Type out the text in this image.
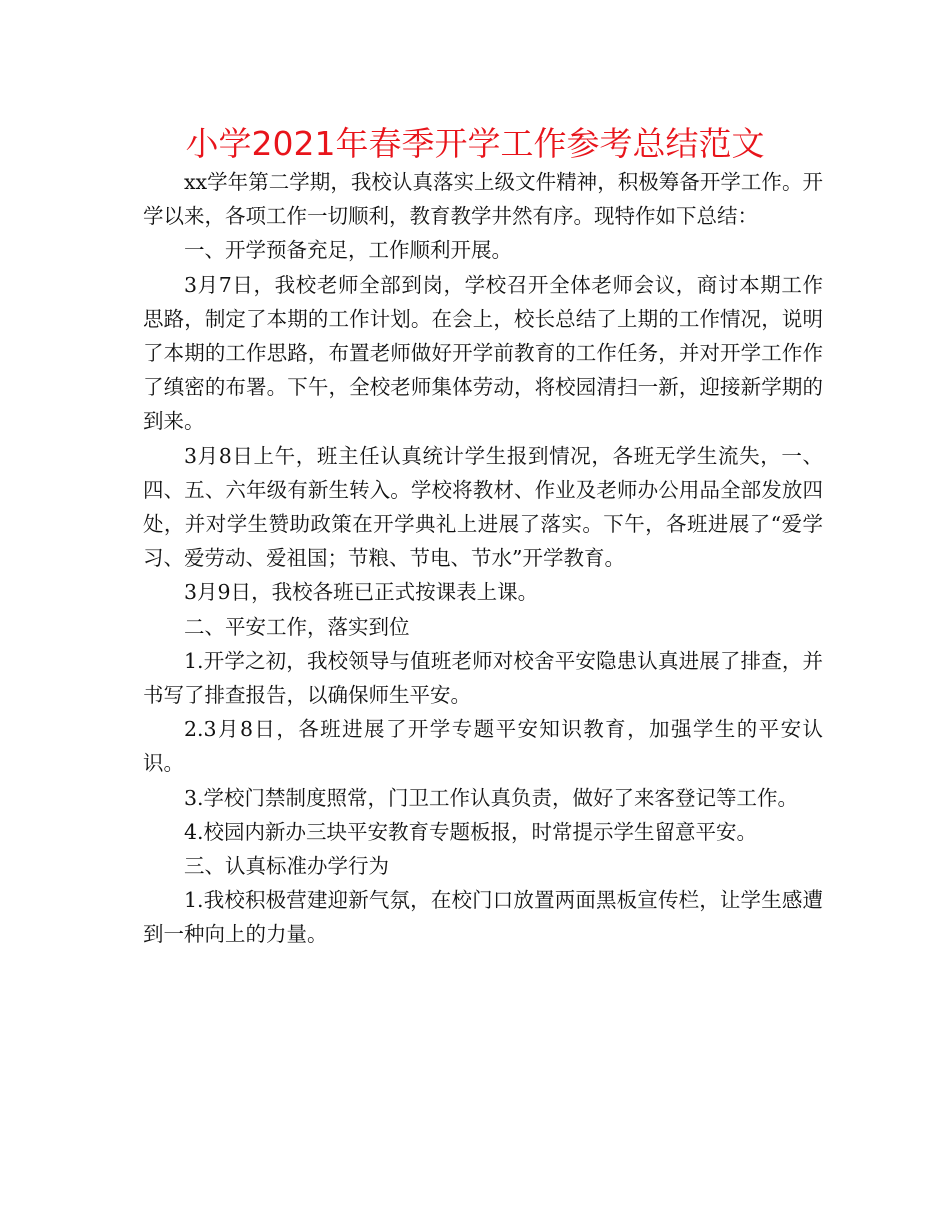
小学2021年春季开学工作参考总结范文

xx学年第二学期，我校认真落实上级文件精神，积极筹备开学工作。开学以来，各项工作一切顺利，教育教学井然有序。现特作如下总结：

一、开学预备充足，工作顺利开展。

3月7日，我校老师全部到岗，学校召开全体老师会议，商讨本期工作思路，制定了本期的工作计划。在会上，校长总结了上期的工作情况，说明了本期的工作思路，布置老师做好开学前教育的工作任务，并对开学工作作了缜密的布署。下午，全校老师集体劳动，将校园清扫一新，迎接新学期的到来。

3月8日上午，班主任认真统计学生报到情况，各班无学生流失，一、四、五、六年级有新生转入。学校将教材、作业及老师办公用品全部发放四处，并对学生赞助政策在开学典礼上进展了落实。下午，各班进展了“爱学习、爱劳动、爱祖国；节粮、节电、节水”开学教育。

3月9日，我校各班已正式按课表上课。

二、平安工作，落实到位

1.开学之初，我校领导与值班老师对校舍平安隐患认真进展了排查，并书写了排查报告，以确保师生平安。

2.3月8日，各班进展了开学专题平安知识教育，加强学生的平安认识。

3.学校门禁制度照常，门卫工作认真负责，做好了来客登记等工作。

4.校园内新办三块平安教育专题板报，时常提示学生留意平安。

三、认真标准办学行为

1.我校积极营建迎新气氛，在校门口放置两面黑板宣传栏，让学生感遭到一种向上的力量。
